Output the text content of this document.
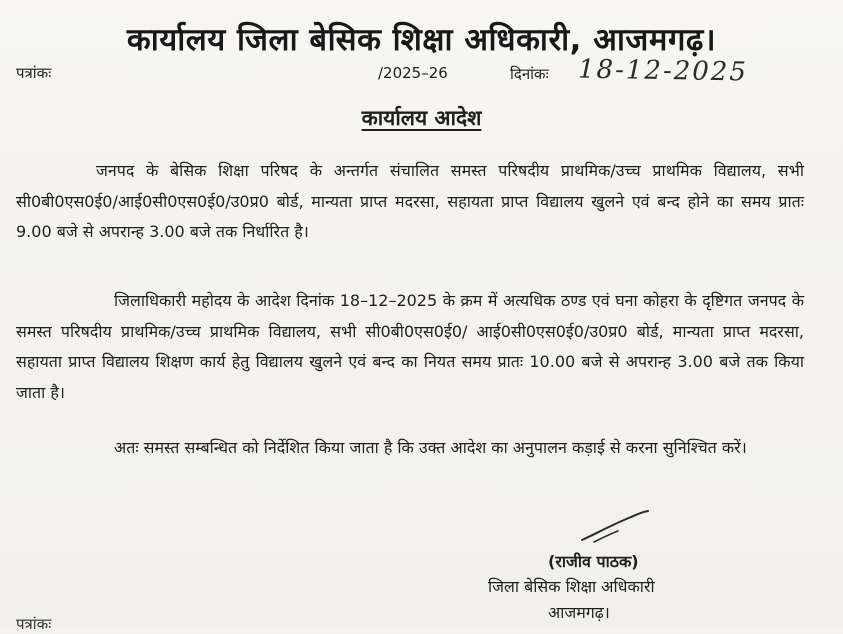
कार्यालय जिला बेसिक शिक्षा अधिकारी, आजमगढ़।
पत्रांकः	/2025–26	दिनांकः 18-12-2025
कार्यालय आदेश
जनपद के बेसिक शिक्षा परिषद के अन्तर्गत संचालित समस्त परिषदीय प्राथमिक/उच्च प्राथमिक विद्यालय, सभी सी0बी0एस0ई0/आई0सी0एस0ई0/उ0प्र0 बोर्ड, मान्यता प्राप्त मदरसा, सहायता प्राप्त विद्यालय खुलने एवं बन्द होने का समय प्रातः 9.00 बजे से अपरान्ह 3.00 बजे तक निर्धारित है।
जिलाधिकारी महोदय के आदेश दिनांक 18–12–2025 के क्रम में अत्यधिक ठण्ड एवं घना कोहरा के दृष्टिगत जनपद के समस्त परिषदीय प्राथमिक/उच्च प्राथमिक विद्यालय, सभी सी0बी0एस0ई0/ आई0सी0एस0ई0/उ0प्र0 बोर्ड, मान्यता प्राप्त मदरसा, सहायता प्राप्त विद्यालय शिक्षण कार्य हेतु विद्यालय खुलने एवं बन्द का नियत समय प्रातः 10.00 बजे से अपरान्ह 3.00 बजे तक किया जाता है।
अतः समस्त सम्बन्धित को निर्देशित किया जाता है कि उक्त आदेश का अनुपालन कड़ाई से करना सुनिश्चित करें।
(राजीव पाठक)
जिला बेसिक शिक्षा अधिकारी
आजमगढ़।
पत्रांकः
